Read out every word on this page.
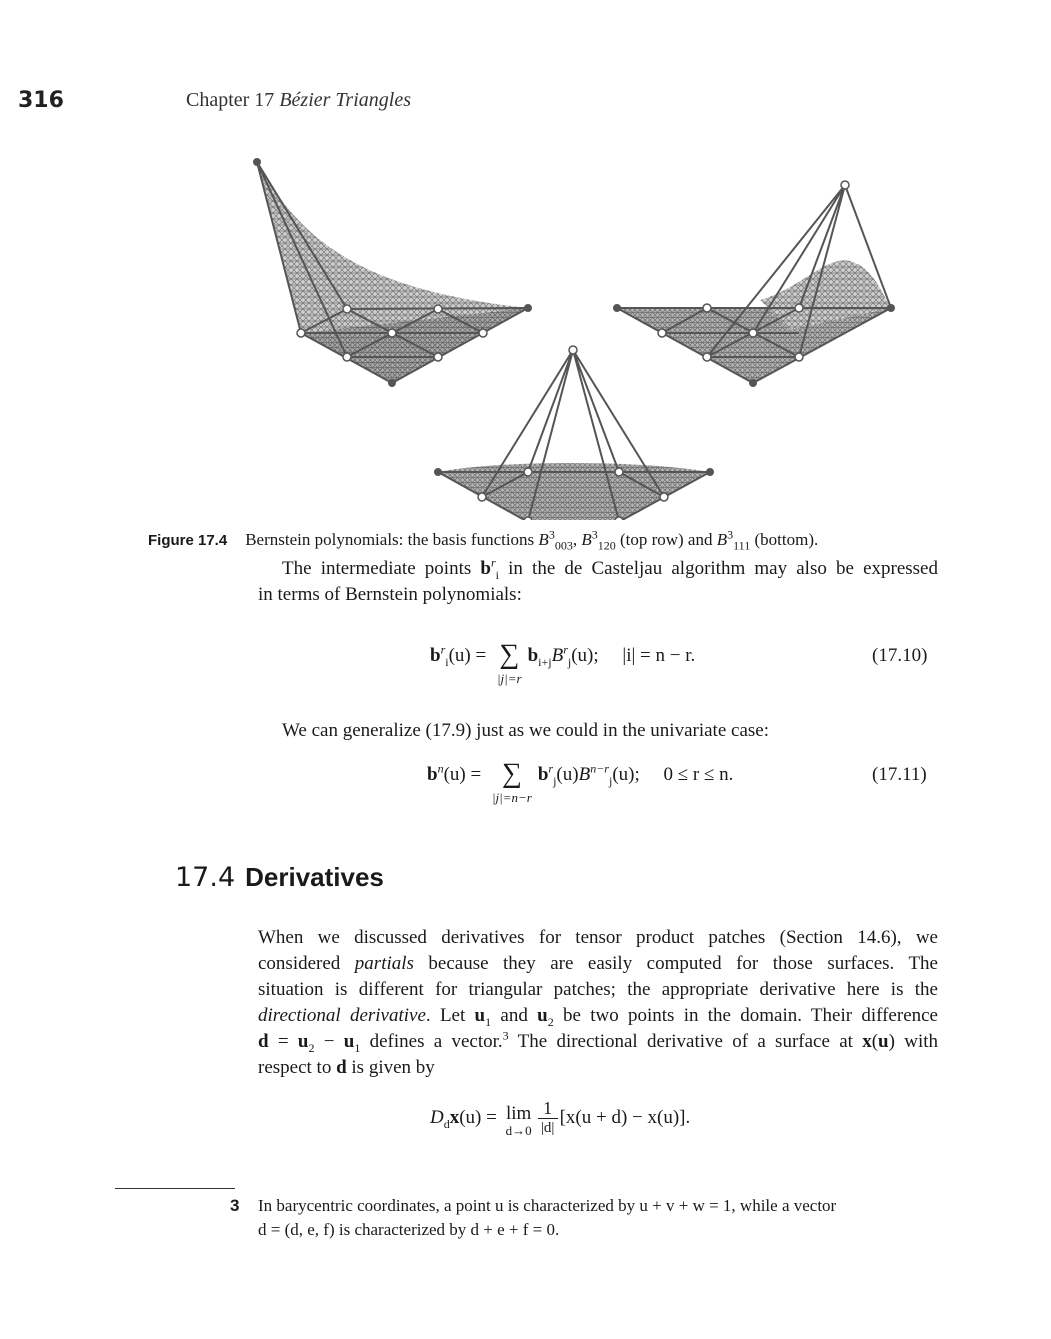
316	Chapter 17 Bézier Triangles
Figure 17.4 Bernstein polynomials: the basis functions $B^3_{003}$, $B^3_{120}$ (top row) and $B^3_{111}$ (bottom).
The intermediate points $b^r_i$ in the de Casteljau algorithm may also be expressed
in terms of Bernstein polynomials:
$b^r_i(u)$ = ∑
|j|=r
$b_{i+j}B^r_j(u)$;     |i| = n − r.	(17.10)
We can generalize (17.9) just as we could in the univariate case:
$b^n(u)$ = ∑
|j|=n−r
$b^r_j(u)B^{n-r}_j(u)$;     0 ≤ r ≤ n.	(17.11)
17.4 Derivatives
When we discussed derivatives for tensor product patches (Section 14.6), we
considered partials because they are easily computed for those surfaces. The
situation is different for triangular patches; the appropriate derivative here is the
directional derivative. Let $u_1$ and $u_2$ be two points in the domain. Their difference
$d = u_2 - u_1$ defines a vector.$^3$ The directional derivative of a surface at x(u) with
respect to d is given by
$D_dx(u) = \lim$
$d\to 0 \frac{1}{|d|} [x(u + d) - x(u)]$.
3 In barycentric coordinates, a point u is characterized by u + v + w = 1, while a vector
d = (d, e, f) is characterized by d + e + f = 0.
